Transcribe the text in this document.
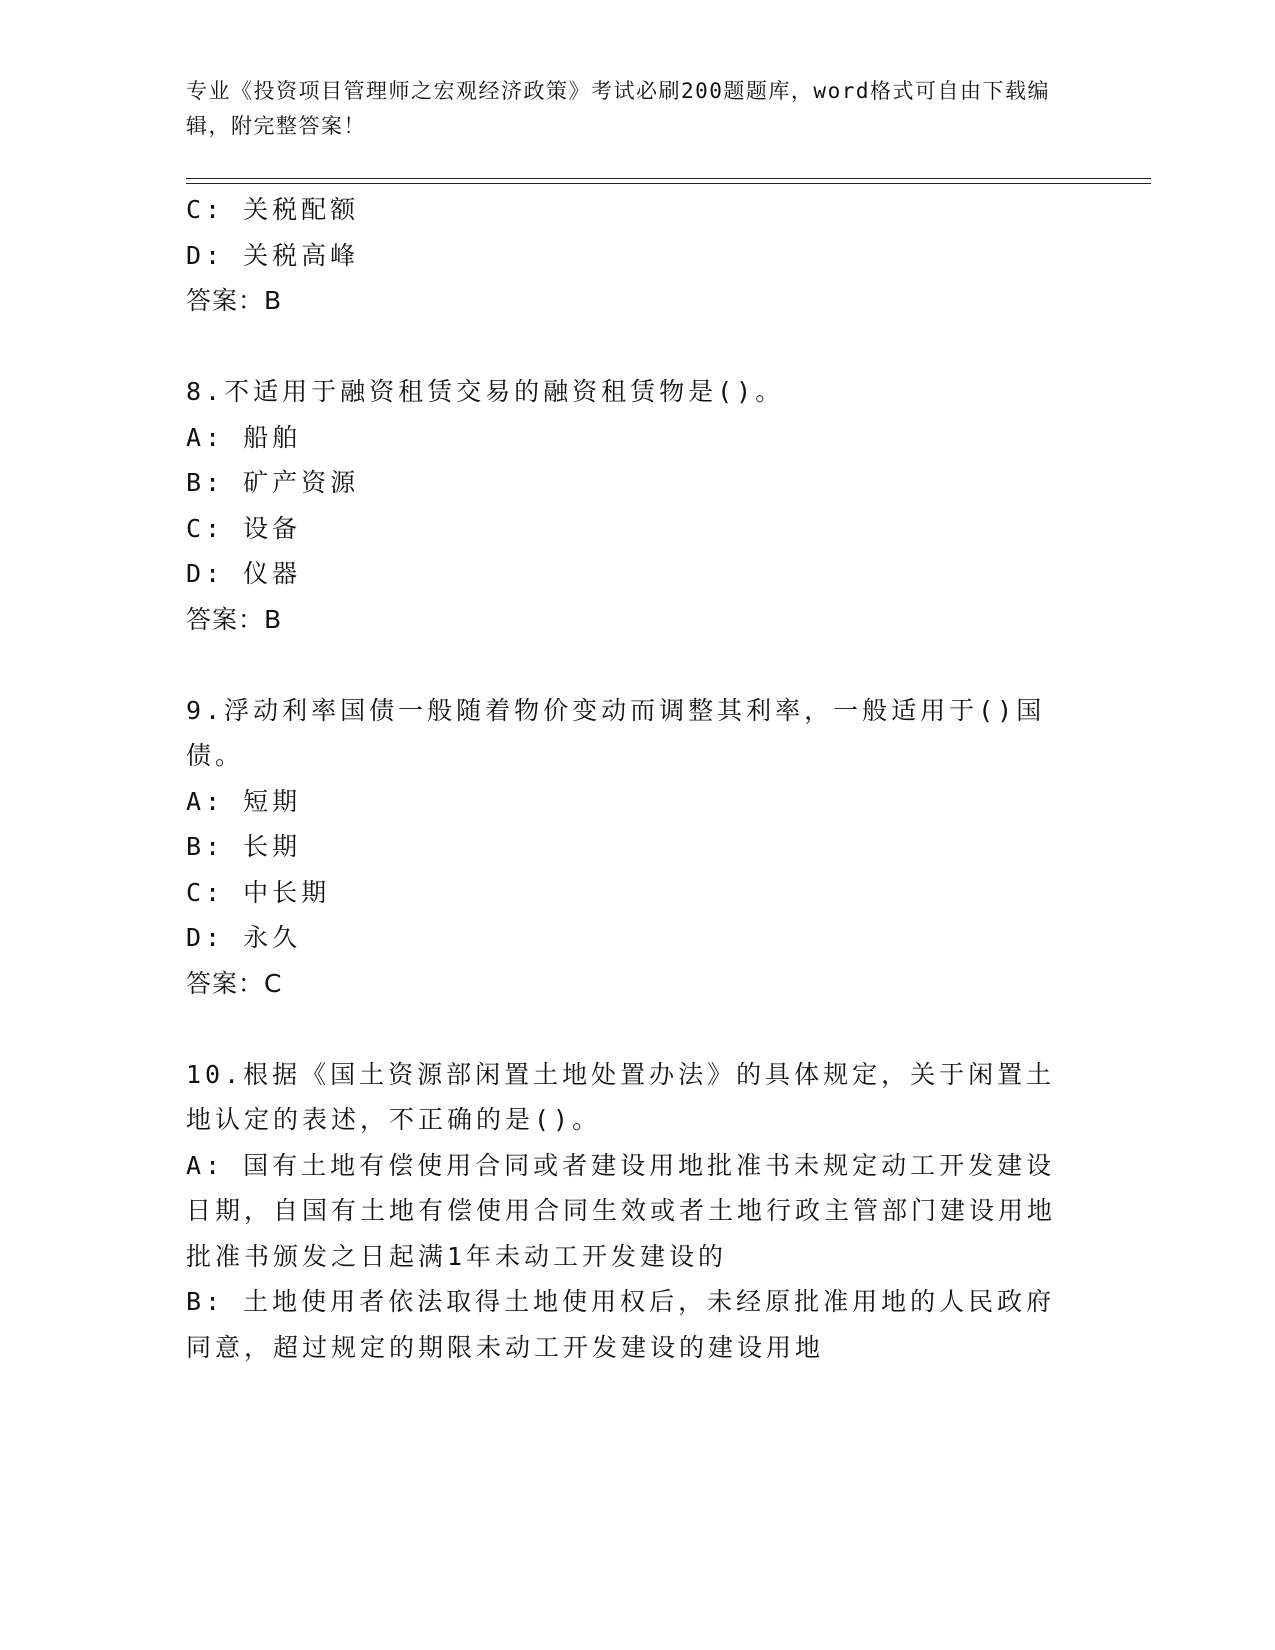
专业《投资项目管理师之宏观经济政策》考试必刷200题题库，word格式可自由下载编辑，附完整答案！
C: 关税配额
D: 关税高峰
答案：B
8.不适用于融资租赁交易的融资租赁物是()。
A: 船舶
B: 矿产资源
C: 设备
D: 仪器
答案：B
9.浮动利率国债一般随着物价变动而调整其利率，一般适用于()国债。
A: 短期
B: 长期
C: 中长期
D: 永久
答案：C
10.根据《国土资源部闲置土地处置办法》的具体规定，关于闲置土地认定的表述，不正确的是()。
A: 国有土地有偿使用合同或者建设用地批准书未规定动工开发建设日期，自国有土地有偿使用合同生效或者土地行政主管部门建设用地批准书颁发之日起满1年未动工开发建设的
B: 土地使用者依法取得土地使用权后，未经原批准用地的人民政府同意，超过规定的期限未动工开发建设的建设用地
